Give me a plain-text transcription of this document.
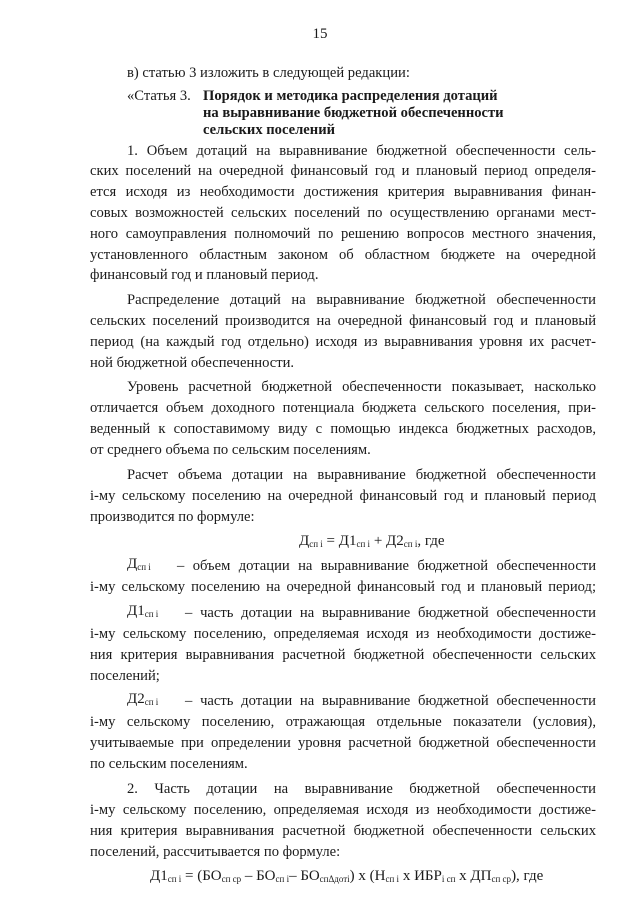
15
в) статью 3 изложить в следующей редакции:
«Статья 3. Порядок и методика распределения дотаций
на выравнивание бюджетной обеспеченности
сельских поселений
1. Объем дотаций на выравнивание бюджетной обеспеченности сель-
ских поселений на очередной финансовый год и плановый период определя-
ется исходя из необходимости достижения критерия выравнивания финан-
совых возможностей сельских поселений по осуществлению органами мест-
ного самоуправления полномочий по решению вопросов местного значения,
установленного областным законом об областном бюджете на очередной
финансовый год и плановый период.
Распределение дотаций на выравнивание бюджетной обеспеченности
сельских поселений производится на очередной финансовый год и плановый
период (на каждый год отдельно) исходя из выравнивания уровня их расчет-
ной бюджетной обеспеченности.
Уровень расчетной бюджетной обеспеченности показывает, насколько
отличается объем доходного потенциала бюджета сельского поселения, при-
веденный к сопоставимому виду с помощью индекса бюджетных расходов,
от среднего объема по сельским поселениям.
Расчет объема дотации на выравнивание бюджетной обеспеченности
i-му сельскому поселению на очередной финансовый год и плановый период
производится по формуле:
$Д_{сп i} = Д1_{сп i} + Д2_{сп i}$, где
$Д_{сп i}$ – объем дотации на выравнивание бюджетной обеспеченности
i-му сельскому поселению на очередной финансовый год и плановый период;
$Д1_{сп i}$ – часть дотации на выравнивание бюджетной обеспеченности
i-му сельскому поселению, определяемая исходя из необходимости достиже-
ния критерия выравнивания расчетной бюджетной обеспеченности сельских
поселений;
$Д2_{сп i}$ – часть дотации на выравнивание бюджетной обеспеченности
i-му сельскому поселению, отражающая отдельные показатели (условия),
учитываемые при определении уровня расчетной бюджетной обеспеченности
по сельским поселениям.
2. Часть дотации на выравнивание бюджетной обеспеченности
i-му сельскому поселению, определяемая исходя из необходимости достиже-
ния критерия выравнивания расчетной бюджетной обеспеченности сельских
поселений, рассчитывается по формуле:
$Д1_{сп i} = (БО_{сп ср} - БО_{сп i}-$ $БО_{сп\Delta дотi}$) х ($Н_{сп i}$ х $ИБР_{i сп}$ х $ДП_{сп ср}$), где
